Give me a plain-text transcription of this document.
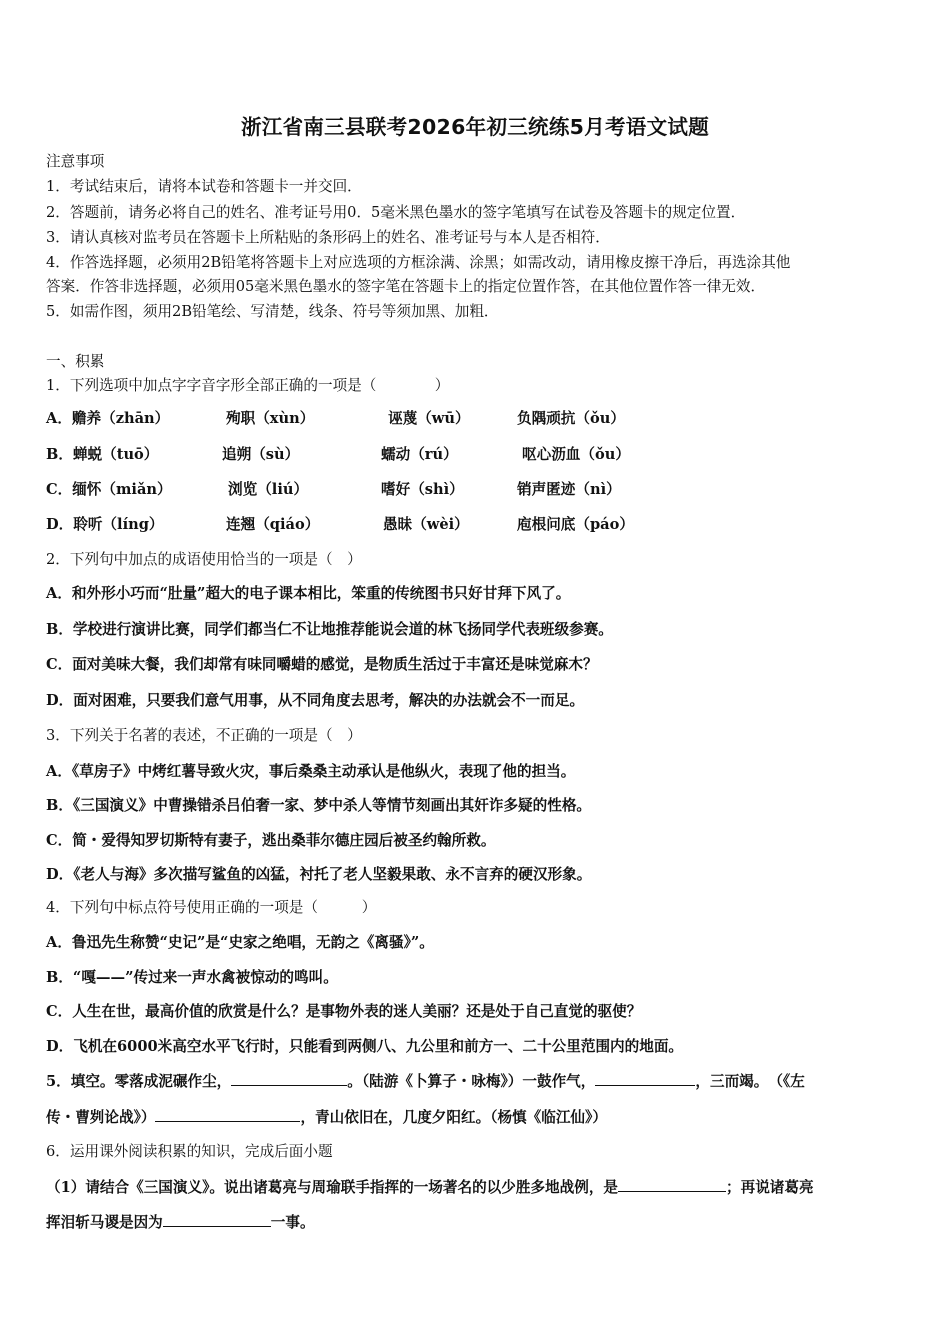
浙江省南三县联考2026年初三统练5月考语文试题
注意事项
1．考试结束后，请将本试卷和答题卡一并交回．
2．答题前，请务必将自己的姓名、准考证号用0．5毫米黑色墨水的签字笔填写在试卷及答题卡的规定位置．
3．请认真核对监考员在答题卡上所粘贴的条形码上的姓名、准考证号与本人是否相符．
4．作答选择题，必须用2B铅笔将答题卡上对应选项的方框涂满、涂黑；如需改动，请用橡皮擦干净后，再选涂其他
答案．作答非选择题，必须用05毫米黑色墨水的签字笔在答题卡上的指定位置作答，在其他位置作答一律无效．
5．如需作图，须用2B铅笔绘、写清楚，线条、符号等须加黑、加粗．
一、积累
1．下列选项中加点字字音字形全部正确的一项是（　　　　）
A．赡养（zhān）	殉职（xùn）	诬蔑（wū）	负隅顽抗（ǒu）
B．蝉蜕（tuō）	追朔（sù）	蠕动（rú）	呕心沥血（ǒu）
C．缅怀（miǎn）	浏览（liú）	嗜好（shì）	销声匿迹（nì）
D．聆听（líng）	连翘（qiáo）	愚昧（wèi）	庖根问底（páo）
2．下列句中加点的成语使用恰当的一项是（　）
A．和外形小巧而“肚量”超大的电子课本相比，笨重的传统图书只好甘拜下风了。
B．学校进行演讲比赛，同学们都当仁不让地推荐能说会道的林飞扬同学代表班级参赛。
C．面对美味大餐，我们却常有味同嚼蜡的感觉，是物质生活过于丰富还是味觉麻木？
D．面对困难，只要我们意气用事，从不同角度去思考，解决的办法就会不一而足。
3．下列关于名著的表述，不正确的一项是（　）
A．《草房子》中烤红薯导致火灾，事后桑桑主动承认是他纵火，表现了他的担当。
B．《三国演义》中曹操错杀吕伯奢一家、梦中杀人等情节刻画出其奸诈多疑的性格。
C．简・爱得知罗切斯特有妻子，逃出桑菲尔德庄园后被圣约翰所救。
D．《老人与海》多次描写鲨鱼的凶猛，衬托了老人坚毅果敢、永不言弃的硬汉形象。
4．下列句中标点符号使用正确的一项是（　　　）
A．鲁迅先生称赞“史记”是“史家之绝唱，无韵之《离骚》”。
B．“嘎——”传过来一声水禽被惊动的鸣叫。
C．人生在世，最高价值的欣赏是什么？是事物外表的迷人美丽？还是处于自己直觉的驱使？
D．飞机在6000米高空水平飞行时，只能看到两侧八、九公里和前方一、二十公里范围内的地面。
5．填空。零落成泥碾作尘，	。（陆游《卜算子・咏梅》）一鼓作气，	，三而竭。　（《左
传・曹刿论战》）	，青山依旧在，几度夕阳红。（杨慎《临江仙》）
6．运用课外阅读积累的知识，完成后面小题
（1）请结合《三国演义》。说出诸葛亮与周瑜联手指挥的一场著名的以少胜多地战例，是	；再说诸葛亮
挥泪斩马谡是因为	一事。
